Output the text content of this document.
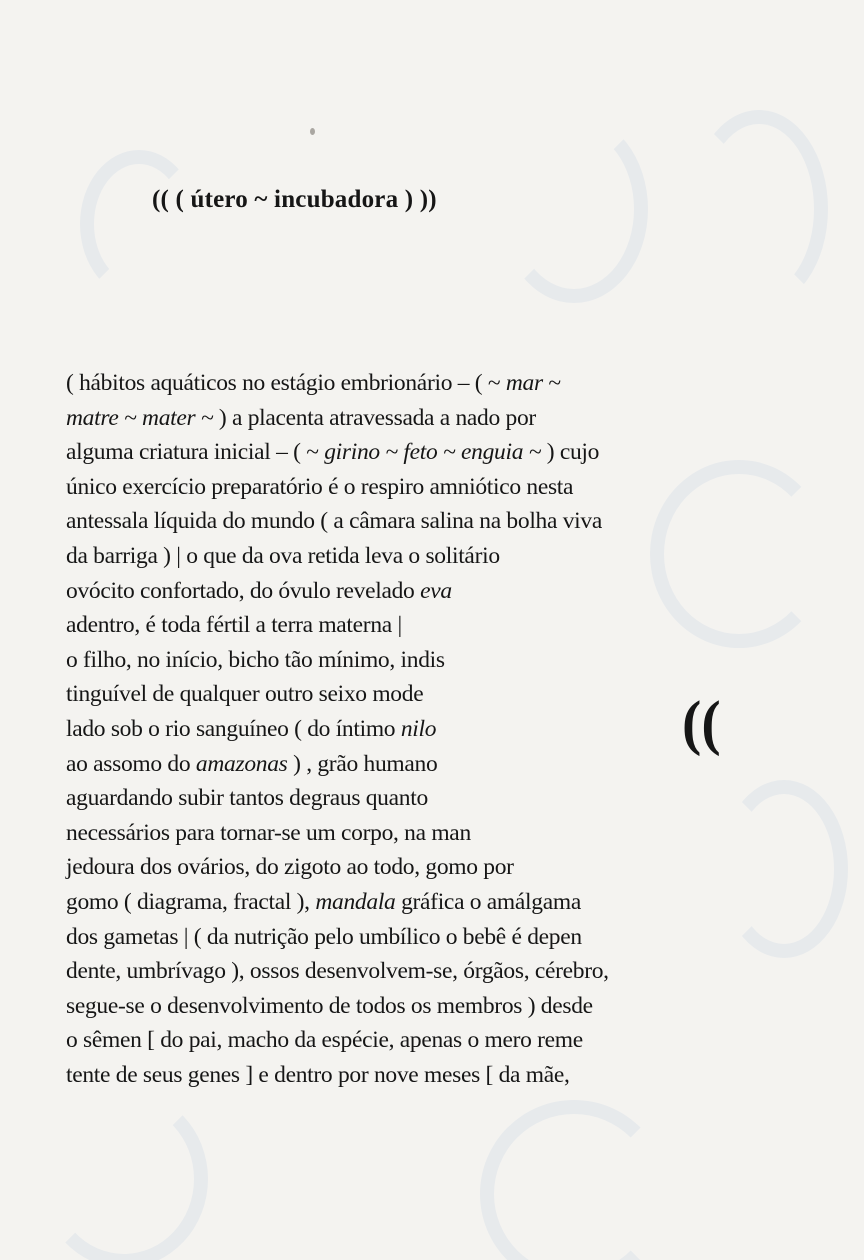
(( ( útero ~ incubadora ) ))
( hábitos aquáticos no estágio embrionário – ( ~ mar ~
matre ~ mater ~ ) a placenta atravessada a nado por
alguma criatura inicial – ( ~ girino ~ feto ~ enguia ~ ) cujo
único exercício preparatório é o respiro amniótico nesta
antessala líquida do mundo ( a câmara salina na bolha viva
da barriga ) | o que da ova retida leva o solitário
ovócito confortado, do óvulo revelado eva
adentro, é toda fértil a terra materna |
o filho, no início, bicho tão mínimo, indis
tinguível de qualquer outro seixo mode
lado sob o rio sanguíneo ( do íntimo nilo
ao assomo do amazonas ) , grão humano
aguardando subir tantos degraus quanto
necessários para tornar-se um corpo, na man
jedoura dos ovários, do zigoto ao todo, gomo por
gomo ( diagrama, fractal ), mandala gráfica o amálgama
dos gametas | ( da nutrição pelo umbílico o bebê é depen
dente, umbrívago ), ossos desenvolvem-se, órgãos, cérebro,
segue-se o desenvolvimento de todos os membros ) desde
o sêmen [ do pai, macho da espécie, apenas o mero reme
tente de seus genes ] e dentro por nove meses [ da mãe,
((
